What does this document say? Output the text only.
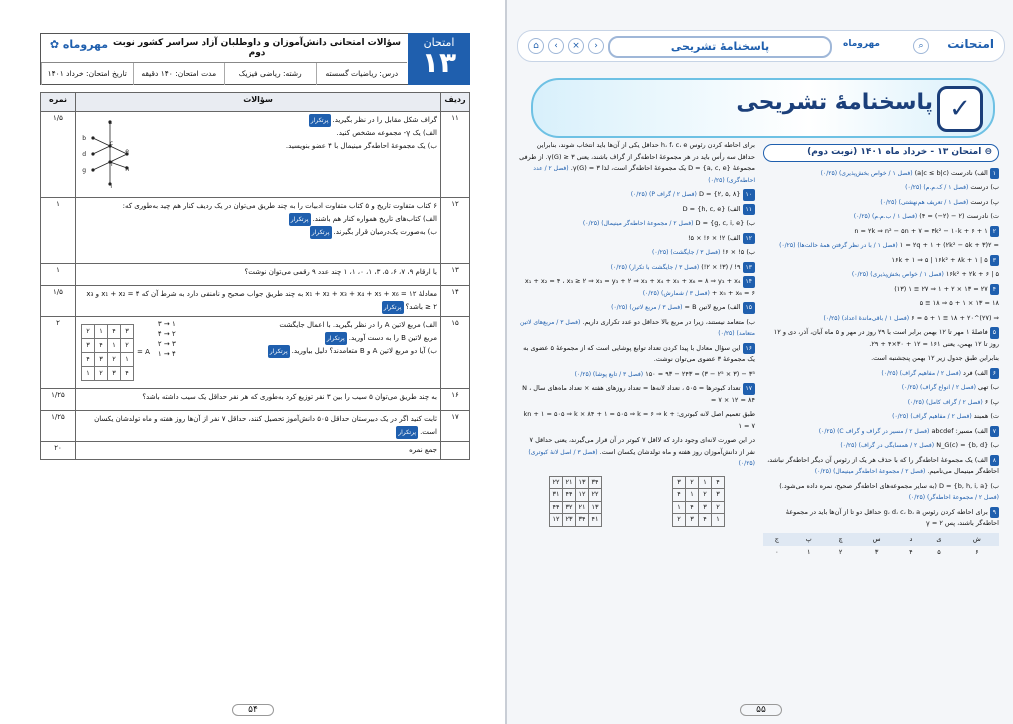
امتحان
۱۳
سؤالات امتحانی دانش‌آموزان و داوطلبان آزاد سراسر کشور نوبت دوم
✿ مهروماه
درس: ریاضیات گسسته
رشته: ریاضی فیزیک
مدت امتحان: ۱۴۰ دقیقه
تاریخ امتحان: خرداد ۱۴۰۱
ردیف	سؤالات	نمره
۱۱	
a
b
c
d	e
f
g	h
i
گراف شکل مقابل را در نظر بگیرید.پرتکرار
الف) یک γ- مجموعه مشخص کنید.
ب) یک مجموعهٔ احاطه‌گر مینیمال با ۴ عضو بنویسید.
	۱/۵
۱۲	
۶ کتاب متفاوت تاریخ و ۵ کتاب متفاوت ادبیات را به چند طریق می‌توان در یک ردیف کنار هم چید به‌طوری که:
الف) کتاب‌های تاریخ همواره کنار هم باشند.پرتکرار
ب) به‌صورت یک‌درمیان قرار بگیرند.پرتکرار
	۱
۱۳	با ارقام ۹، ۷، ۶، ۵، ۳، ۱، ۰، ۱، ۱ چند عدد ۹ رقمی می‌توان نوشت؟	۱
۱۴	معادلهٔ x₁ + x₂ + x₃ + x₄ + x₅ + x₆ = ۱۲ به چند طریق جواب صحیح و نامنفی دارد به شرط آن که x₁ + x₂ = ۴ و x₃ ≥ ۲ باشد؟پرتکرار	۱/۵
۱۵	
A =
۳	۴	۱	۲
۲	۱	۴	۳
۱	۲	۳	۴
۴	۳	۲	۱
۱ → ۳
۲ → ۴
۳ → ۲
۴ → ۱
الف) مربع لاتین A را در نظر بگیرید. با اعمال جایگشت
مربع لاتین B را به دست آورید.پرتکرار
ب) آیا دو مربع لاتین A و B متعامدند؟ دلیل بیاورید.پرتکرار
	۲
۱۶	به چند طریق می‌توان ۵ سیب را بین ۳ نفر توزیع کرد به‌طوری که هر نفر حداقل یک سیب داشته باشد؟	۱/۲۵
۱۷	ثابت کنید اگر در یک دبیرستان حداقل ۵۰۵ دانش‌آموز تحصیل کنند، حداقل ۷ نفر از آن‌ها روز هفته و ماه تولدشان یکسان است.پرتکرار	۱/۲۵
	جمع نمره	۲۰
۵۴
⌂	‹	×	›	پاسخنامهٔ تشریحی	مهروماه	⌕	امتحانت
✓
پاسخنامهٔ تشریحی
⊖ امتحان ۱۳ - خرداد ماه ۱۴۰۱ (نوبت دوم)
۱الف) نادرست (a|c ≤ b|c) (فصل ۱ / خواص بخش‌پذیری) (۰/۲۵)
ب) درست (فصل ۱ / ک.م.م) (۰/۲۵)
پ) درست (فصل ۱ / تعریف هم‌نهشتی) (۰/۲۵)
ت) نادرست (۲ − (۲−) = ۴) (فصل ۱ / ب.م.م) (۰/۲۵)
۲n = ۲k ⇒ n² − ۵n + ۷ = ۴k² − ۱۰k + ۶ + ۱
= ۲(۲k² − ۵k + ۳) + ۱ = ۲q + ۱ (فصل ۱ / با در نظر گرفتن همهٔ حالت‌ها) (۰/۲۵)
۳۵ | ۱۶k + ۱ ⇒ ۵ | ۱۶k² + ۸k + ۱
۵ | ۱۶k² + ۲k + ۶ (فصل ۱ / خواص بخش‌پذیری) (۰/۲۵)
۴۲۷ = ۱۳ × ۲ + ۱ ⇒ ۲۷ ≡ ۱ (۱۳)
۱۸ = ۱۳ × ۱ + ۵ ⇒ ۱۸ ≡ ۵
⇒ (۲۷)^۲۰ + ۱۸ ≡ ۱ + ۵ = ۶ (فصل ۱ / باقی‌ماندهٔ اعداد) (۰/۲۵)
۵فاصلهٔ ۱ مهر تا ۱۲ بهمن برابر است با ۲۹ روز در مهر و ۵ ماه آبان، آذر، دی و ۱۲ روز تا ۱۲ بهمن، یعنی ۱۶۱ = ۱۲ + ۳۰×۴ + ۲۹.
بنابراین طبق جدول زیر ۱۲ بهمن پنجشنبه است.
۶الف) فرد (فصل ۲ / مفاهیم گراف) (۰/۲۵)
ب) تهی (فصل ۲ / انواع گراف) (۰/۲۵)
پ) ۶ (فصل ۲ / گراف کامل) (۰/۲۵)
ت) همبند (فصل ۲ / مفاهیم گراف) (۰/۲۵)
۷الف) مسیر: abcdef (فصل ۲ / مسیر در گراف و گراف C) (۰/۲۵)
ب) N_G(c) = {b, d} (فصل ۲ / همسایگی در گراف) (۰/۲۵)
۸الف) یک مجموعهٔ احاطه‌گر را که با حذف هر یک از رئوس آن دیگر احاطه‌گر نباشد، احاطه‌گر مینیمال می‌نامیم. (فصل ۲ / مجموعهٔ احاطه‌گر مینیمال) (۰/۲۵)
ب) D = {b, h, i, a} (به سایر مجموعه‌های احاطه‌گر صحیح، نمره داده می‌شود.) (فصل ۲ / مجموعهٔ احاطه‌گر) (۰/۲۵)
۹برای احاطه کردن رئوس g، d، c، b، a حداقل دو تا از آن‌ها باید در مجموعهٔ احاطه‌گر باشند، پس γ = ۲
ش	ی	د	س	چ	پ	ج
۶	۵	۴	۳	۲	۱	۰
برای احاطه کردن رئوس h، f، c، e حداقل یکی از آن‌ها باید انتخاب شوند، بنابراین حداقل سه رأس باید در هر مجموعهٔ احاطه‌گر از گراف باشند، یعنی γ(G) ≥ ۳. از طرفی مجموعهٔ D = {a, c, e} یک مجموعهٔ احاطه‌گر است، لذا γ(G) = ۳. (فصل ۲ / عدد احاطه‌گری) (۰/۲۵)
۱۰D = {۲, ۵, ۸} (فصل ۲ / گراف P) (۰/۲۵)
۱۱الف) D = {h, c, e}
ب) D = {g, c, i, e} (فصل ۲ / مجموعهٔ احاطه‌گر مینیمال) (۰/۲۵)
۱۲الف) ۲! × ۶! × ۵!
ب) ۵! × ۶! (فصل ۳ / جایگشت) (۰/۲۵)
۱۳۹! / (۳! × ۲!) (فصل ۳ / جایگشت با تکرار) (۰/۲۵)
۱۴x₁ + x₂ = ۴ ، x₃ ≥ ۲ ⇒ x₃ = y₃ + ۲ ⇒ x₃ + x₄ + x₅ + x₆ = ۸ ⇒ y₃ + x₄ + x₅ + x₆ = ۶ (فصل ۳ / شمارش) (۰/۲۵)
۱۵الف) مربع لاتین B = (فصل ۳ / مربع لاتین) (۰/۲۵)
ب) متعامد نیستند، زیرا در مربع بالا حداقل دو عدد تکراری داریم. (فصل ۳ / مربع‌های لاتین متعامد) (۰/۲۵)
۱۶این سؤال معادل با پیدا کردن تعداد توابع پوشایی است که از مجموعهٔ ۵ عضوی به یک مجموعهٔ ۳ عضوی می‌توان نوشت.
۳⁵ − (۳ × ۲⁵ − ۳) = ۲۴۳ − ۹۳ = ۱۵۰ (فصل ۳ / تابع پوشا) (۰/۲۵)
۱۷تعداد کبوترها = ۵۰۵ ، تعداد لانه‌ها = تعداد روزهای هفته × تعداد ماه‌های سال ، N = ۷ × ۱۲ = ۸۴
طبق تعمیم اصل لانه کبوتری: kn + ۱ = ۵۰۵ ⇒ k × ۸۴ + ۱ = ۵۰۵ ⇒ k = ۶ ⇒ k + ۱ = ۷
در این صورت لانه‌ای وجود دارد که لااقل ۷ کبوتر در آن قرار می‌گیرند، یعنی حداقل ۷ نفر از دانش‌آموزان روز هفته و ماه تولدشان یکسان است. (فصل ۳ / اصل لانهٔ کبوتری) (۰/۲۵)
۴	۱	۲	۳
۳	۲	۱	۴
۲	۳	۴	۱
۱	۴	۳	۲
۳۴	۱۳	۲۱	۲۲
۲۲	۱۲	۴۴	۳۱
۱۳	۲۱	۳۲	۴۴
۴۱	۳۴	۲۳	۱۲
۵۵
